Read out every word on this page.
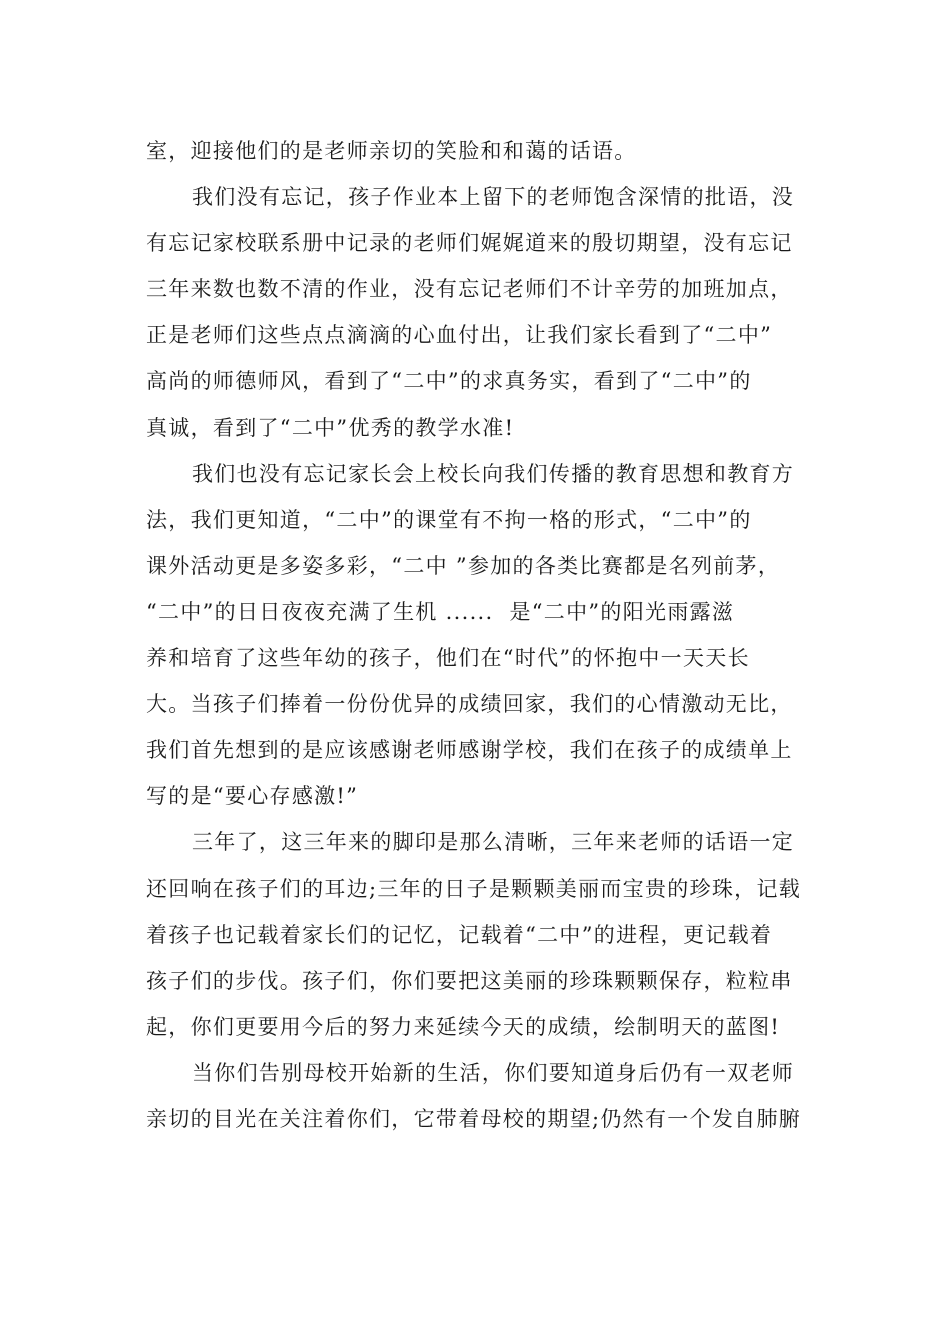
室，迎接他们的是老师亲切的笑脸和和蔼的话语。
我们没有忘记，孩子作业本上留下的老师饱含深情的批语，没
有忘记家校联系册中记录的老师们娓娓道来的殷切期望，没有忘记
三年来数也数不清的作业，没有忘记老师们不计辛劳的加班加点，
正是老师们这些点点滴滴的心血付出，让我们家长看到了“二中”
高尚的师德师风，看到了“二中”的求真务实，看到了“二中”的
真诚，看到了“二中”优秀的教学水准!
我们也没有忘记家长会上校长向我们传播的教育思想和教育方
法，我们更知道，“二中”的课堂有不拘一格的形式，“二中”的
课外活动更是多姿多彩，“二中 ”参加的各类比赛都是名列前茅，
“二中”的日日夜夜充满了生机 ......  是“二中”的阳光雨露滋
养和培育了这些年幼的孩子，他们在“时代”的怀抱中一天天长
大。当孩子们捧着一份份优异的成绩回家，我们的心情激动无比，
我们首先想到的是应该感谢老师感谢学校，我们在孩子的成绩单上
写的是“要心存感激!”
三年了，这三年来的脚印是那么清晰，三年来老师的话语一定
还回响在孩子们的耳边;三年的日子是颗颗美丽而宝贵的珍珠，记载
着孩子也记载着家长们的记忆，记载着“二中”的进程，更记载着
孩子们的步伐。孩子们，你们要把这美丽的珍珠颗颗保存，粒粒串
起，你们更要用今后的努力来延续今天的成绩，绘制明天的蓝图!
当你们告别母校开始新的生活，你们要知道身后仍有一双老师
亲切的目光在关注着你们，它带着母校的期望;仍然有一个发自肺腑
